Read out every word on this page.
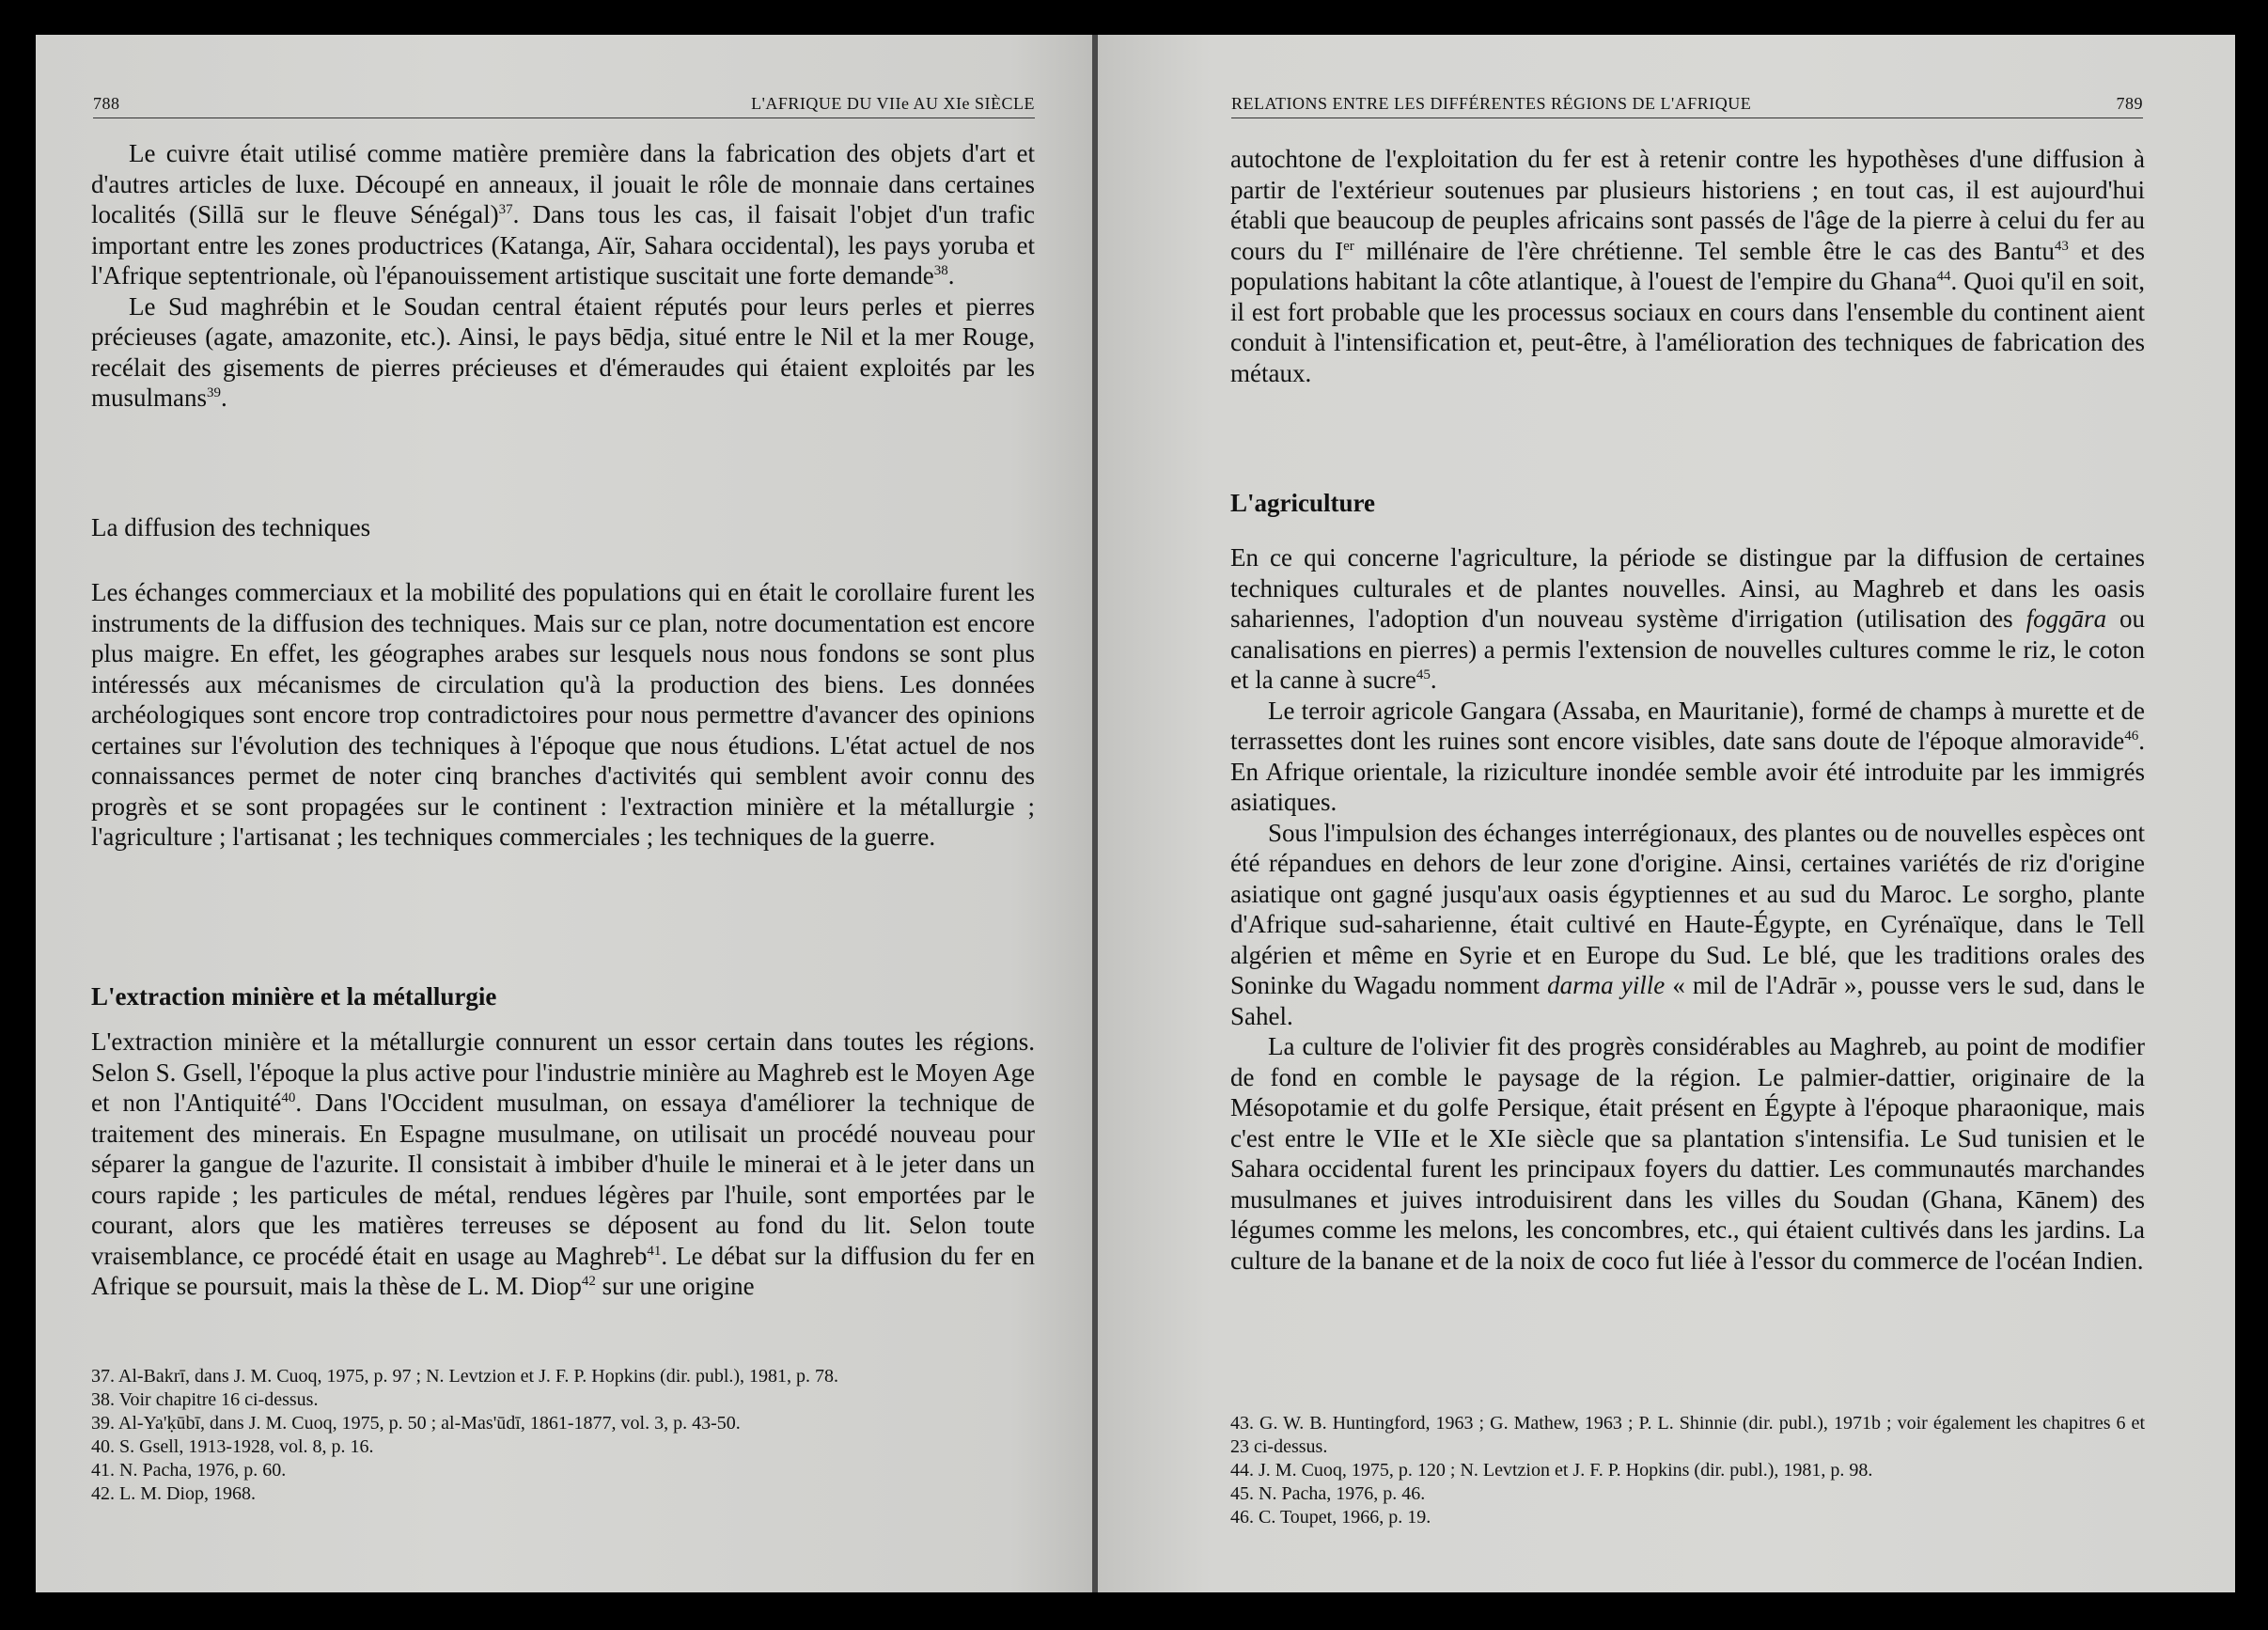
788	L'AFRIQUE DU VIIe AU XIe SIÈCLE

Le cuivre était utilisé comme matière première dans la fabrication des objets d'art et d'autres articles de luxe. Découpé en anneaux, il jouait le rôle de monnaie dans certaines localités (Sillā sur le fleuve Sénégal)$^{37}$. Dans tous les cas, il faisait l'objet d'un trafic important entre les zones productrices (Katanga, Aïr, Sahara occidental), les pays yoruba et l'Afrique septentrionale, où l'épanouissement artistique suscitait une forte demande$^{38}$.

Le Sud maghrébin et le Soudan central étaient réputés pour leurs perles et pierres précieuses (agate, amazonite, etc.). Ainsi, le pays bēdja, situé entre le Nil et la mer Rouge, recélait des gisements de pierres précieuses et d'émeraudes qui étaient exploités par les musulmans$^{39}$.

La diffusion des techniques

Les échanges commerciaux et la mobilité des populations qui en était le corollaire furent les instruments de la diffusion des techniques. Mais sur ce plan, notre documentation est encore plus maigre. En effet, les géographes arabes sur lesquels nous nous fondons se sont plus intéressés aux mécanismes de circulation qu'à la production des biens. Les données archéologiques sont encore trop contradictoires pour nous permettre d'avancer des opinions certaines sur l'évolution des techniques à l'époque que nous étudions. L'état actuel de nos connaissances permet de noter cinq branches d'activités qui semblent avoir connu des progrès et se sont propagées sur le continent : l'extraction minière et la métallurgie ; l'agriculture ; l'artisanat ; les techniques commerciales ; les techniques de la guerre.

L'extraction minière et la métallurgie

L'extraction minière et la métallurgie connurent un essor certain dans toutes les régions. Selon S. Gsell, l'époque la plus active pour l'industrie minière au Maghreb est le Moyen Age et non l'Antiquité$^{40}$. Dans l'Occident musulman, on essaya d'améliorer la technique de traitement des minerais. En Espagne musulmane, on utilisait un procédé nouveau pour séparer la gangue de l'azurite. Il consistait à imbiber d'huile le minerai et à le jeter dans un cours rapide ; les particules de métal, rendues légères par l'huile, sont emportées par le courant, alors que les matières terreuses se déposent au fond du lit. Selon toute vraisemblance, ce procédé était en usage au Maghreb$^{41}$. Le débat sur la diffusion du fer en Afrique se poursuit, mais la thèse de L. M. Diop$^{42}$ sur une origine

37. Al-Bakrī, dans J. M. Cuoq, 1975, p. 97 ; N. Levtzion et J. F. P. Hopkins (dir. publ.), 1981, p. 78.
38. Voir chapitre 16 ci-dessus.
39. Al-Ya'ḳūbī, dans J. M. Cuoq, 1975, p. 50 ; al-Mas'ūdī, 1861-1877, vol. 3, p. 43-50.
40. S. Gsell, 1913-1928, vol. 8, p. 16.
41. N. Pacha, 1976, p. 60.
42. L. M. Diop, 1968.
RELATIONS ENTRE LES DIFFÉRENTES RÉGIONS DE L'AFRIQUE	789

autochtone de l'exploitation du fer est à retenir contre les hypothèses d'une diffusion à partir de l'extérieur soutenues par plusieurs historiens ; en tout cas, il est aujourd'hui établi que beaucoup de peuples africains sont passés de l'âge de la pierre à celui du fer au cours du Ier millénaire de l'ère chrétienne. Tel semble être le cas des Bantu$^{43}$ et des populations habitant la côte atlantique, à l'ouest de l'empire du Ghana$^{44}$. Quoi qu'il en soit, il est fort probable que les processus sociaux en cours dans l'ensemble du continent aient conduit à l'intensification et, peut-être, à l'amélioration des techniques de fabrication des métaux.

L'agriculture

En ce qui concerne l'agriculture, la période se distingue par la diffusion de certaines techniques culturales et de plantes nouvelles. Ainsi, au Maghreb et dans les oasis sahariennes, l'adoption d'un nouveau système d'irrigation (utilisation des foggāra ou canalisations en pierres) a permis l'extension de nouvelles cultures comme le riz, le coton et la canne à sucre$^{45}$.

Le terroir agricole Gangara (Assaba, en Mauritanie), formé de champs à murette et de terrassettes dont les ruines sont encore visibles, date sans doute de l'époque almoravide$^{46}$. En Afrique orientale, la riziculture inondée semble avoir été introduite par les immigrés asiatiques.

Sous l'impulsion des échanges interrégionaux, des plantes ou de nouvelles espèces ont été répandues en dehors de leur zone d'origine. Ainsi, certaines variétés de riz d'origine asiatique ont gagné jusqu'aux oasis égyptiennes et au sud du Maroc. Le sorgho, plante d'Afrique sud-saharienne, était cultivé en Haute-Égypte, en Cyrénaïque, dans le Tell algérien et même en Syrie et en Europe du Sud. Le blé, que les traditions orales des Soninke du Wagadu nomment darma yille « mil de l'Adrār », pousse vers le sud, dans le Sahel.

La culture de l'olivier fit des progrès considérables au Maghreb, au point de modifier de fond en comble le paysage de la région. Le palmier-dattier, originaire de la Mésopotamie et du golfe Persique, était présent en Égypte à l'époque pharaonique, mais c'est entre le VIIe et le XIe siècle que sa plantation s'intensifia. Le Sud tunisien et le Sahara occidental furent les principaux foyers du dattier. Les communautés marchandes musulmanes et juives introduisirent dans les villes du Soudan (Ghana, Kānem) des légumes comme les melons, les concombres, etc., qui étaient cultivés dans les jardins. La culture de la banane et de la noix de coco fut liée à l'essor du commerce de l'océan Indien.

43. G. W. B. Huntingford, 1963 ; G. Mathew, 1963 ; P. L. Shinnie (dir. publ.), 1971b ; voir également les chapitres 6 et 23 ci-dessus.
44. J. M. Cuoq, 1975, p. 120 ; N. Levtzion et J. F. P. Hopkins (dir. publ.), 1981, p. 98.
45. N. Pacha, 1976, p. 46.
46. C. Toupet, 1966, p. 19.
